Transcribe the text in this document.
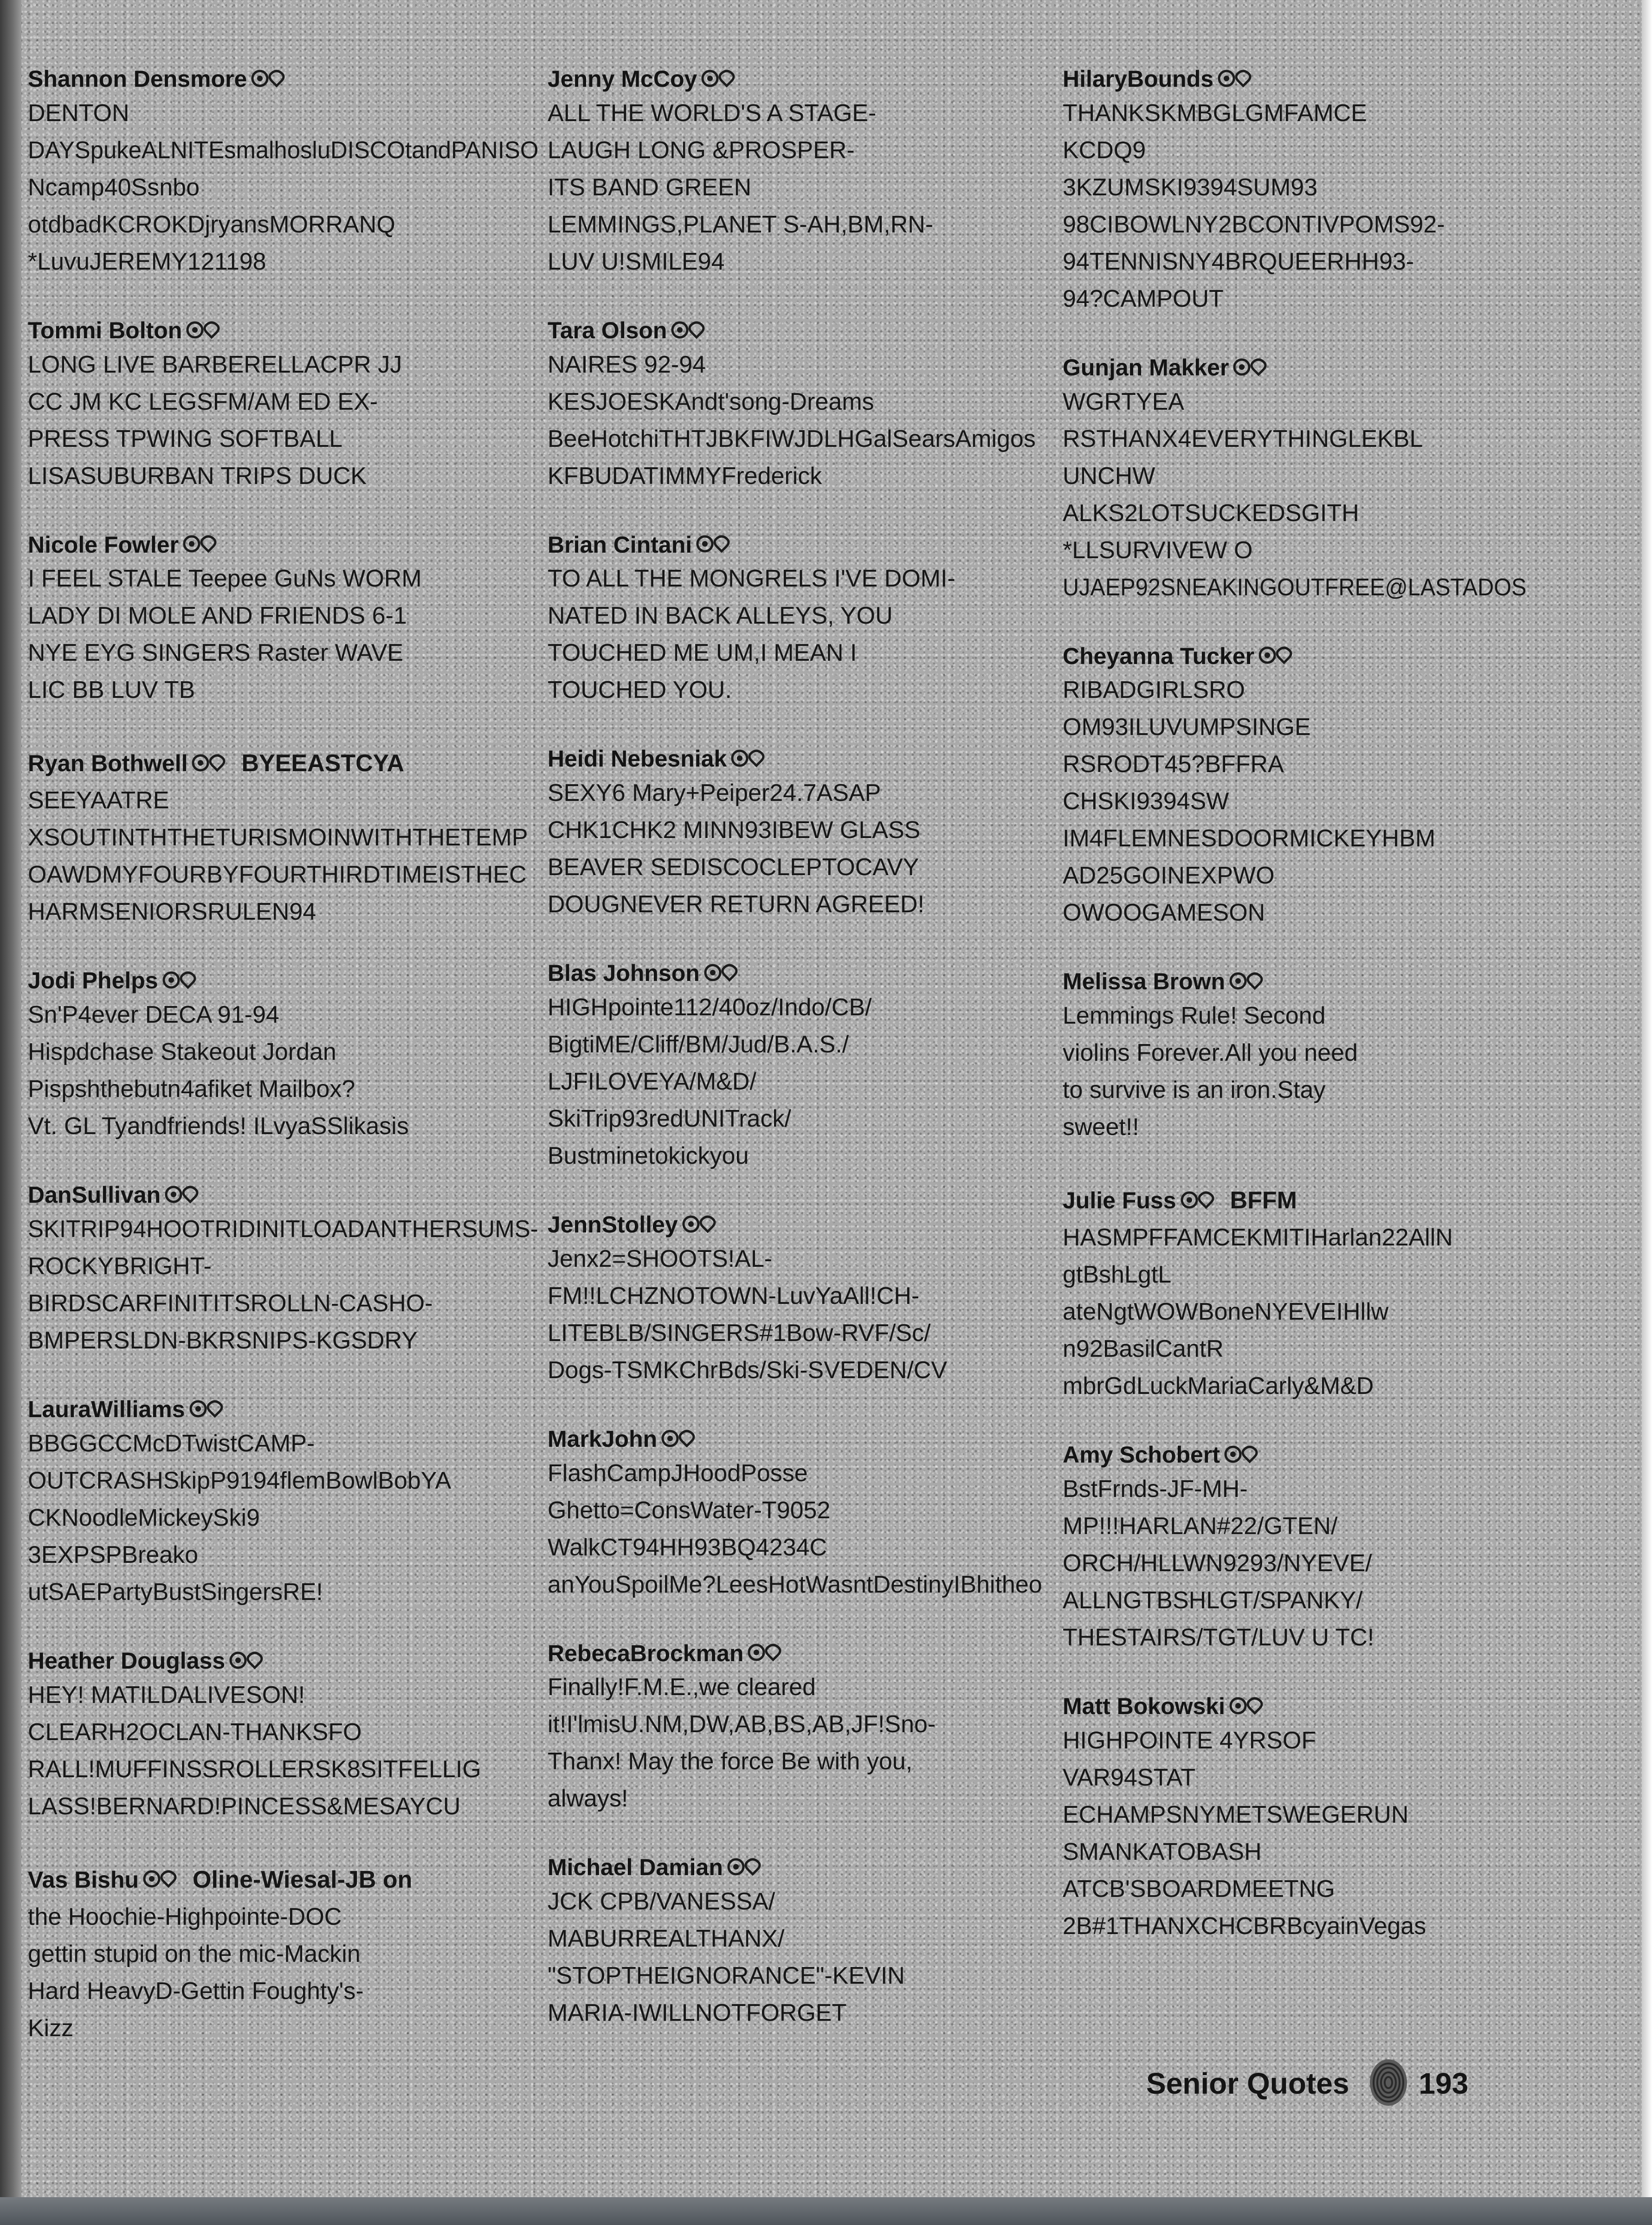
Shannon Densmore
DENTON
DAYSpukeALNITEsmalhosluDISCOtandPANISO
Ncamp40Ssnbo
otdbadKCROKDjryansMORRANQ
*LuvuJEREMY121198
Tommi Bolton
LONG LIVE BARBERELLACPR JJ
CC JM KC LEGSFM/AM ED EX-
PRESS TPWING SOFTBALL
LISASUBURBAN TRIPS DUCK
Nicole Fowler
I FEEL STALE Teepee GuNs WORM
LADY DI MOLE AND FRIENDS 6-1
NYE EYG SINGERS Raster WAVE
LIC BB LUV TB
Ryan Bothwell BYEEASTCYA
SEEYAATRE
XSOUTINTHTHETURISMOINWITHTHETEMP
OAWDMYFOURBYFOURTHIRDTIMEISTHEC
HARMSENIORSRULEN94
Jodi Phelps
Sn'P4ever DECA 91-94
Hispdchase Stakeout Jordan
Pispshthebutn4afiket Mailbox?
Vt. GL Tyandfriends! ILvyaSSlikasis
DanSullivan
SKITRIP94HOOTRIDINITLOADANTHERSUMS-
ROCKYBRIGHT-
BIRDSCARFINITITSROLLN-CASHO-
BMPERSLDN-BKRSNIPS-KGSDRY
LauraWilliams
BBGGCCMcDTwistCAMP-
OUTCRASHSkipP9194flemBowlBobYA
CKNoodleMickeySki9
3EXPSPBreako
utSAEPartyBustSingersRE!
Heather Douglass
HEY! MATILDALIVESON!
CLEARH2OCLAN-THANKSFO
RALL!MUFFINSSROLLERSK8SITFELLIG
LASS!BERNARD!PINCESS&MESAYCU
Vas Bishu Oline-Wiesal-JB on
the Hoochie-Highpointe-DOC
gettin stupid on the mic-Mackin
Hard HeavyD-Gettin Foughty's-
Kizz
Jenny McCoy
ALL THE WORLD'S A STAGE-
LAUGH LONG &PROSPER-
ITS BAND GREEN
LEMMINGS,PLANET S-AH,BM,RN-
LUV U!SMILE94
Tara Olson
NAIRES 92-94
KESJOESKAndt'song-Dreams
BeeHotchiTHTJBKFIWJDLHGalSearsAmigos
KFBUDATIMMYFrederick
Brian Cintani
TO ALL THE MONGRELS I'VE DOMI-
NATED IN BACK ALLEYS, YOU
TOUCHED ME UM,I MEAN I
TOUCHED YOU.
Heidi Nebesniak
SEXY6 Mary+Peiper24.7ASAP
CHK1CHK2 MINN93IBEW GLASS
BEAVER SEDISCOCLEPTOCAVY
DOUGNEVER RETURN AGREED!
Blas Johnson
HIGHpointe112/40oz/Indo/CB/
BigtiME/Cliff/BM/Jud/B.A.S./
LJFILOVEYA/M&D/
SkiTrip93redUNITrack/
Bustminetokickyou
JennStolley
Jenx2=SHOOTS!AL-
FM!!LCHZNOTOWN-LuvYaAll!CH-
LITEBLB/SINGERS#1Bow-RVF/Sc/
Dogs-TSMKChrBds/Ski-SVEDEN/CV
MarkJohn
FlashCampJHoodPosse
Ghetto=ConsWater-T9052
WalkCT94HH93BQ4234C
anYouSpoilMe?LeesHotWasntDestinyIBhitheo
RebecaBrockman
Finally!F.M.E.,we cleared
it!I'lmisU.NM,DW,AB,BS,AB,JF!Sno-
Thanx! May the force Be with you,
always!
Michael Damian
JCK CPB/VANESSA/
MABURREALTHANX/
"STOPTHEIGNORANCE"-KEVIN
MARIA-IWILLNOTFORGET
HilaryBounds
THANKSKMBGLGMFAMCE
KCDQ9
3KZUMSKI9394SUM93
98CIBOWLNY2BCONTIVPOMS92-
94TENNISNY4BRQUEERHH93-
94?CAMPOUT
Gunjan Makker
WGRTYEA
RSTHANX4EVERYTHINGLEKBL
UNCHW
ALKS2LOTSUCKEDSGITH
*LLSURVIVEW O
UJAEP92SNEAKINGOUTFREE@LASTADOS
Cheyanna Tucker
RIBADGIRLSRO
OM93ILUVUMPSINGE
RSRODT45?BFFRA
CHSKI9394SW
IM4FLEMNESDOORMICKEYHBM
AD25GOINEXPWO
OWOOGAMESON
Melissa Brown
Lemmings Rule! Second
violins Forever.All you need
to survive is an iron.Stay
sweet!!
Julie Fuss BFFM
HASMPFFAMCEKMITIHarlan22AllN
gtBshLgtL
ateNgtWOWBoneNYEVEIHllw
n92BasilCantR
mbrGdLuckMariaCarly&M&D
Amy Schobert
BstFrnds-JF-MH-
MP!!!HARLAN#22/GTEN/
ORCH/HLLWN9293/NYEVE/
ALLNGTBSHLGT/SPANKY/
THESTAIRS/TGT/LUV U TC!
Matt Bokowski
HIGHPOINTE 4YRSOF
VAR94STAT
ECHAMPSNYMETSWEGERUN
SMANKATOBASH
ATCB'SBOARDMEETNG
2B#1THANXCHCBRBcyainVegas
Senior Quotes 193
